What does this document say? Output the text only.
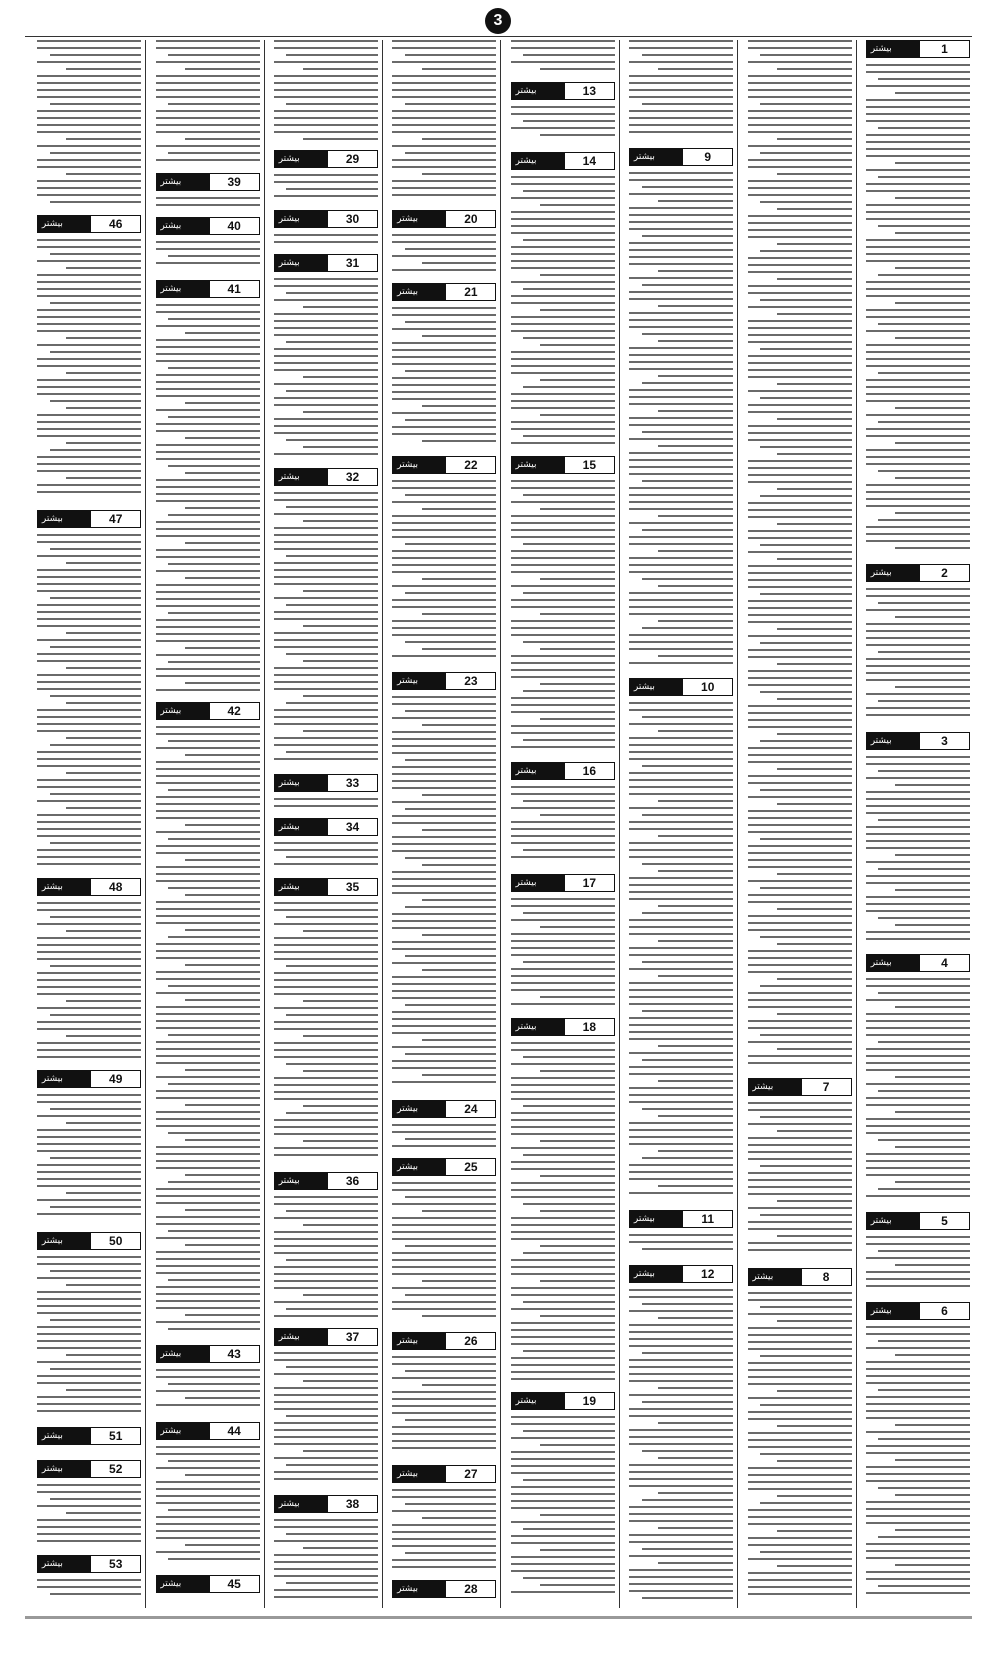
3
بیشتر	1
بیشتر	2
بیشتر	3
بیشتر	4
بیشتر	5
بیشتر	6
بیشتر	7
بیشتر	8
بیشتر	9
بیشتر	10
بیشتر	11
بیشتر	12
بیشتر	13
بیشتر	14
بیشتر	15
بیشتر	16
بیشتر	17
بیشتر	18
بیشتر	19
بیشتر	20
بیشتر	21
بیشتر	22
بیشتر	23
بیشتر	24
بیشتر	25
بیشتر	26
بیشتر	27
بیشتر	28
بیشتر	29
بیشتر	30
بیشتر	31
بیشتر	32
بیشتر	33
بیشتر	34
بیشتر	35
بیشتر	36
بیشتر	37
بیشتر	38
بیشتر	39
بیشتر	40
بیشتر	41
بیشتر	42
بیشتر	43
بیشتر	44
بیشتر	45
بیشتر	46
بیشتر	47
بیشتر	48
بیشتر	49
بیشتر	50
بیشتر	51
بیشتر	52
بیشتر	53
